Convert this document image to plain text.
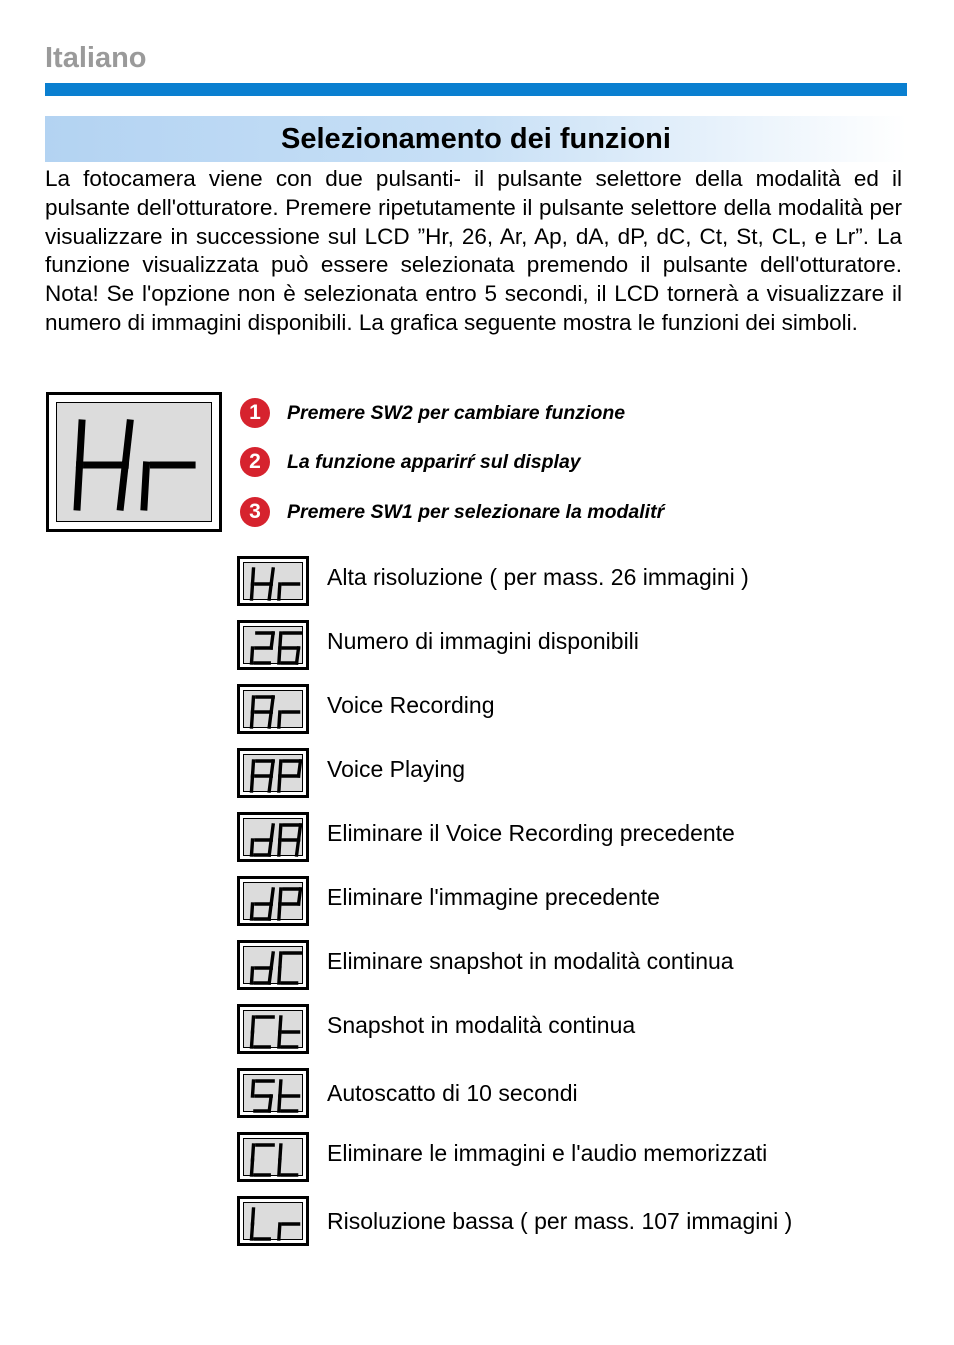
Italiano
Selezionamento dei funzioni

La fotocamera viene con due pulsanti- il pulsante selettore della modalità ed il pulsante dell'otturatore. Premere ripetutamente il pulsante selettore della modalità per visualizzare in successione sul LCD ”Hr, 26, Ar, Ap, dA, dP, dC, Ct, St, CL, e Lr”. La funzione visualizzata può essere selezionata premendo il pulsante dell'otturatore. Nota! Se l'opzione non è selezionata entro 5 secondi, il LCD tornerà a visualizzare il numero di immagini disponibili. La grafica seguente mostra le funzioni dei simboli.

1	Premere SW2 per cambiare funzione
2	La funzione apparirŕ sul display
3	Premere SW1 per selezionare la modalitŕ
Alta risoluzione ( per mass. 26 immagini )
Numero di immagini disponibili
Voice Recording
Voice Playing
Eliminare il Voice Recording precedente
Eliminare l'immagine precedente
Eliminare snapshot in modalità continua
Snapshot in modalità continua
Autoscatto di 10 secondi
Eliminare le immagini e l'audio memorizzati
Risoluzione bassa ( per mass. 107 immagini )
